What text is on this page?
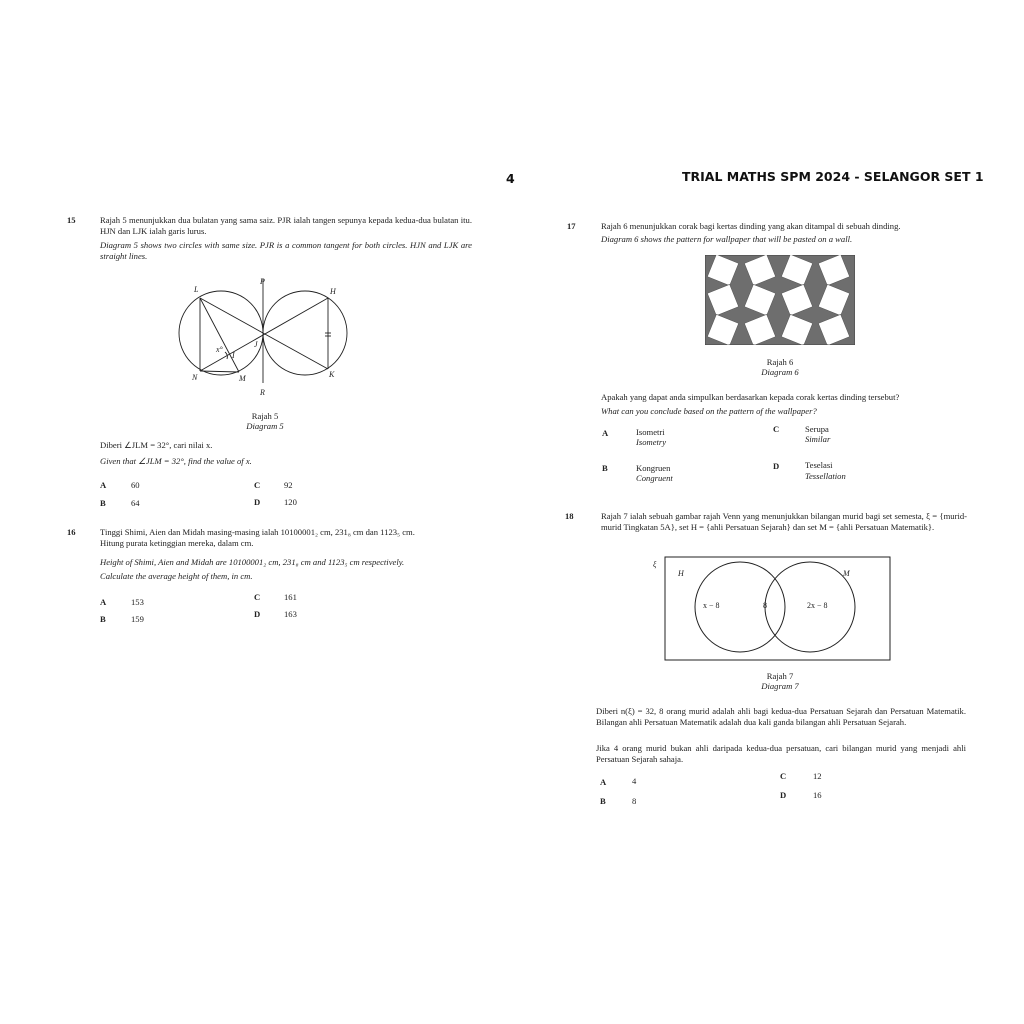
4	TRIAL MATHS SPM 2024 - SELANGOR SET 1
15	Rajah 5 menunjukkan dua bulatan yang sama saiz. PJR ialah tangen sepunya kepada kedua-dua bulatan itu. HJN dan LJK ialah garis lurus.
Diagram 5 shows two circles with same size. PJR is a common tangent for both circles. HJN and LJK are straight lines.
L
P
H
J
x°
I
N	M	K
R
Rajah 5
Diagram 5
Diberi ∠JLM = 32°, cari nilai x.
Given that ∠JLM = 32°, find the value of x.
A	60
B	64
C	92
D	120
16	Tinggi Shimi, Aien dan Midah masing-masing ialah 10100001₂ cm, 231₈ cm dan 1123₅ cm.
Hitung purata ketinggian mereka, dalam cm.
Height of Shimi, Aien and Midah are 10100001₂ cm, 231₈ cm and 1123₅ cm respectively.
Calculate the average height of them, in cm.
A	153
B	159
C	161
D	163
17	Rajah 6 menunjukkan corak bagi kertas dinding yang akan ditampal di sebuah dinding.
Diagram 6 shows the pattern for wallpaper that will be pasted on a wall.
Rajah 6
Diagram 6
Apakah yang dapat anda simpulkan berdasarkan kepada corak kertas dinding tersebut?
What can you conclude based on the pattern of the wallpaper?
A	Isometri
Isometry
B	Kongruen
Congruent
C	Serupa
Similar
D	Teselasi
Tessellation
18	Rajah 7 ialah sebuah gambar rajah Venn yang menunjukkan bilangan murid bagi set semesta, ξ = {murid-murid Tingkatan 5A}, set H = {ahli Persatuan Sejarah} dan set M = {ahli Persatuan Matematik}.
ξ
H	M
x − 8	8	2x − 8
Rajah 7
Diagram 7
Diberi n(ξ) = 32, 8 orang murid adalah ahli bagi kedua-dua Persatuan Sejarah dan Persatuan Matematik. Bilangan ahli Persatuan Matematik adalah dua kali ganda bilangan ahli Persatuan Sejarah.
Jika 4 orang murid bukan ahli daripada kedua-dua persatuan, cari bilangan murid yang menjadi ahli Persatuan Sejarah sahaja.
A	4
B	8
C	12
D	16
